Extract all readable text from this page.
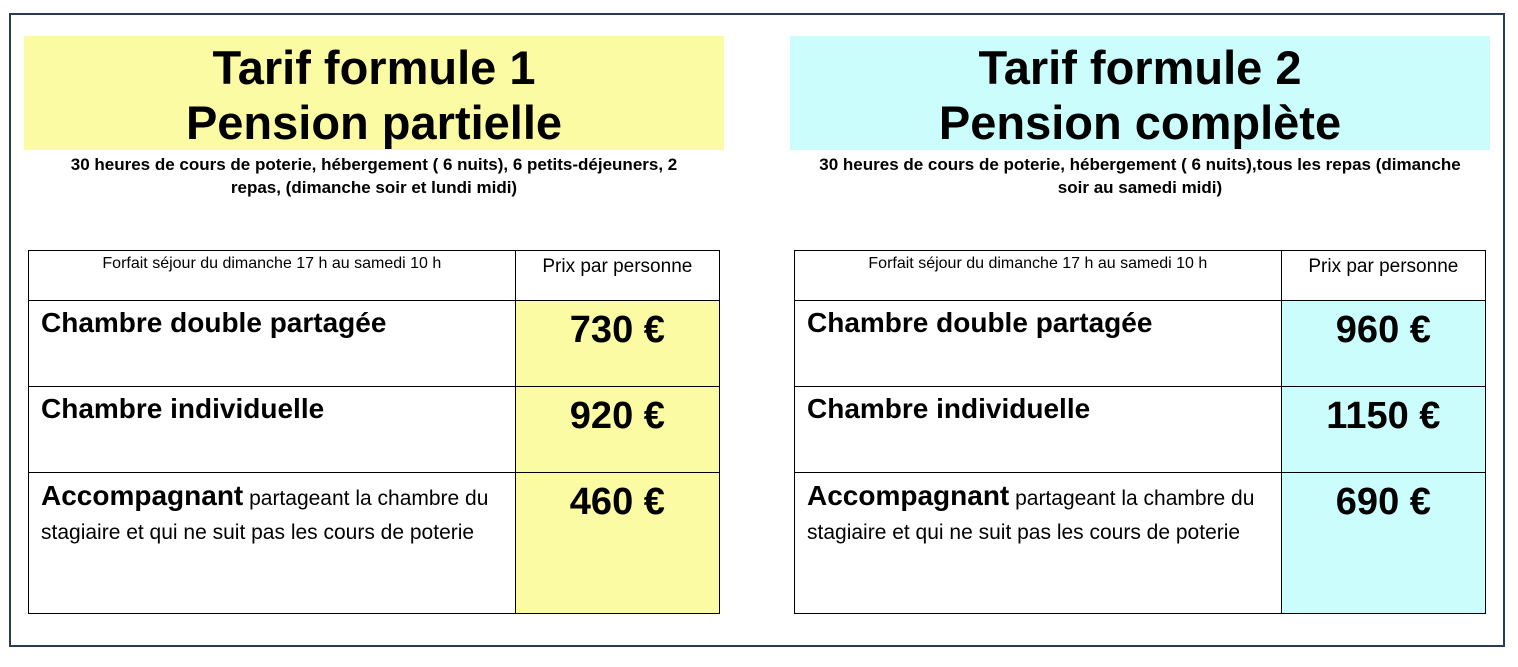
Tarif formule 1
Pension partielle
30 heures de cours de poterie, hébergement ( 6 nuits), 6 petits-déjeuners, 2 repas, (dimanche soir et lundi midi)
Forfait séjour du dimanche 17 h au samedi 10 h	Prix par personne
Chambre double partagée	730 €
Chambre individuelle	920 €
Accompagnant partageant la chambre du stagiaire et qui ne suit pas les cours de poterie	460 €
Tarif formule 2
Pension complète
30 heures de cours de poterie, hébergement ( 6 nuits),tous les repas (dimanche soir au samedi midi)
Forfait séjour du dimanche 17 h au samedi 10 h	Prix par personne
Chambre double partagée	960 €
Chambre individuelle	1150 €
Accompagnant partageant la chambre du stagiaire et qui ne suit pas les cours de poterie	690 €
